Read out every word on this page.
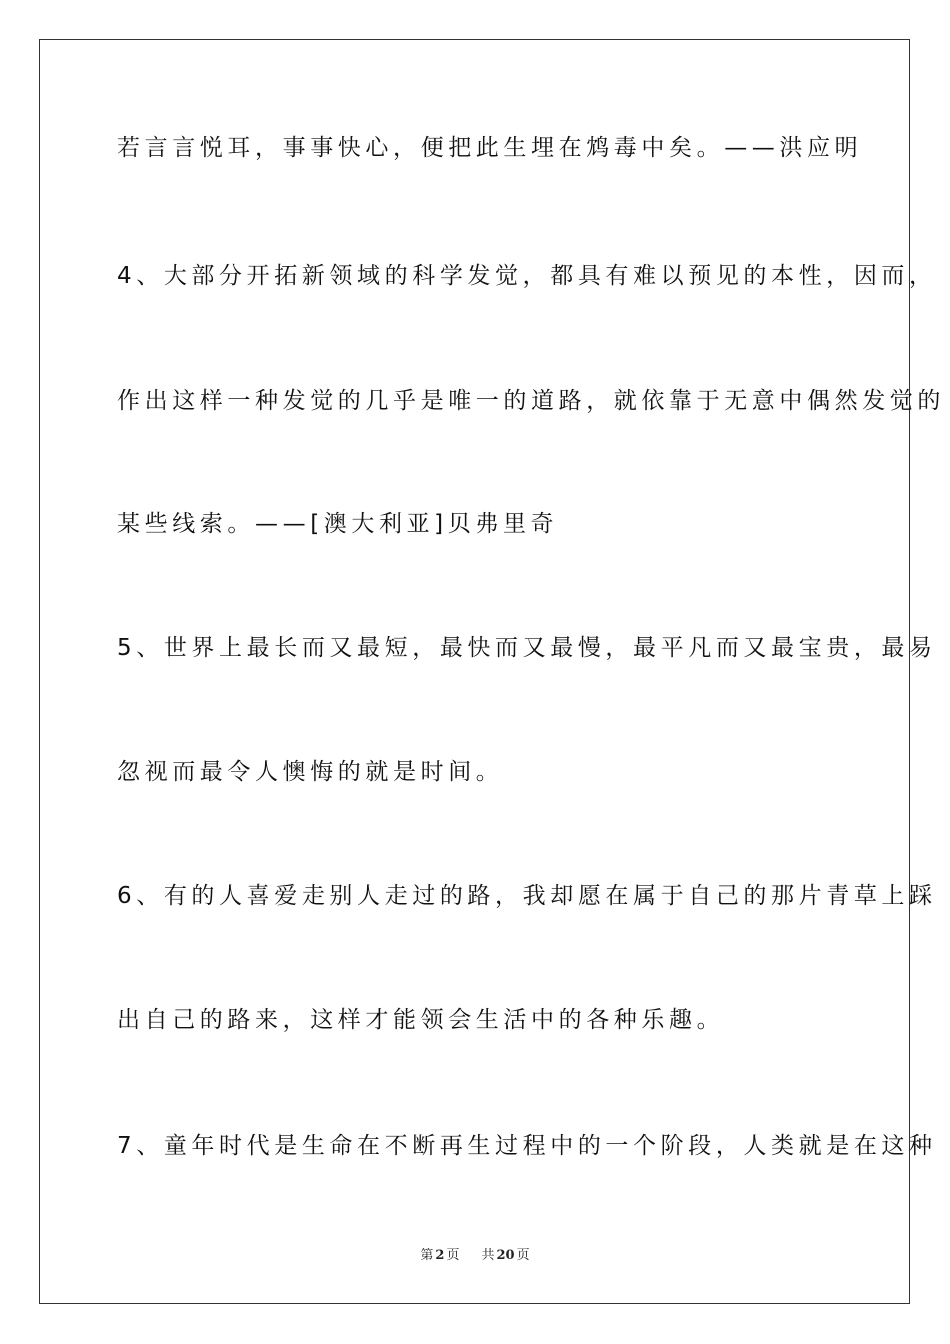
若言言悦耳，事事快心，便把此生埋在鸩毒中矣。——洪应明
4、大部分开拓新领域的科学发觉，都具有难以预见的本性，因而，
作出这样一种发觉的几乎是唯一的道路，就依靠于无意中偶然发觉的
某些线索。——[澳大利亚]贝弗里奇
5、世界上最长而又最短，最快而又最慢，最平凡而又最宝贵，最易
忽视而最令人懊悔的就是时间。
6、有的人喜爱走别人走过的路，我却愿在属于自己的那片青草上踩
出自己的路来，这样才能领会生活中的各种乐趣。
7、童年时代是生命在不断再生过程中的一个阶段，人类就是在这种
第 2 页 共 20 页
